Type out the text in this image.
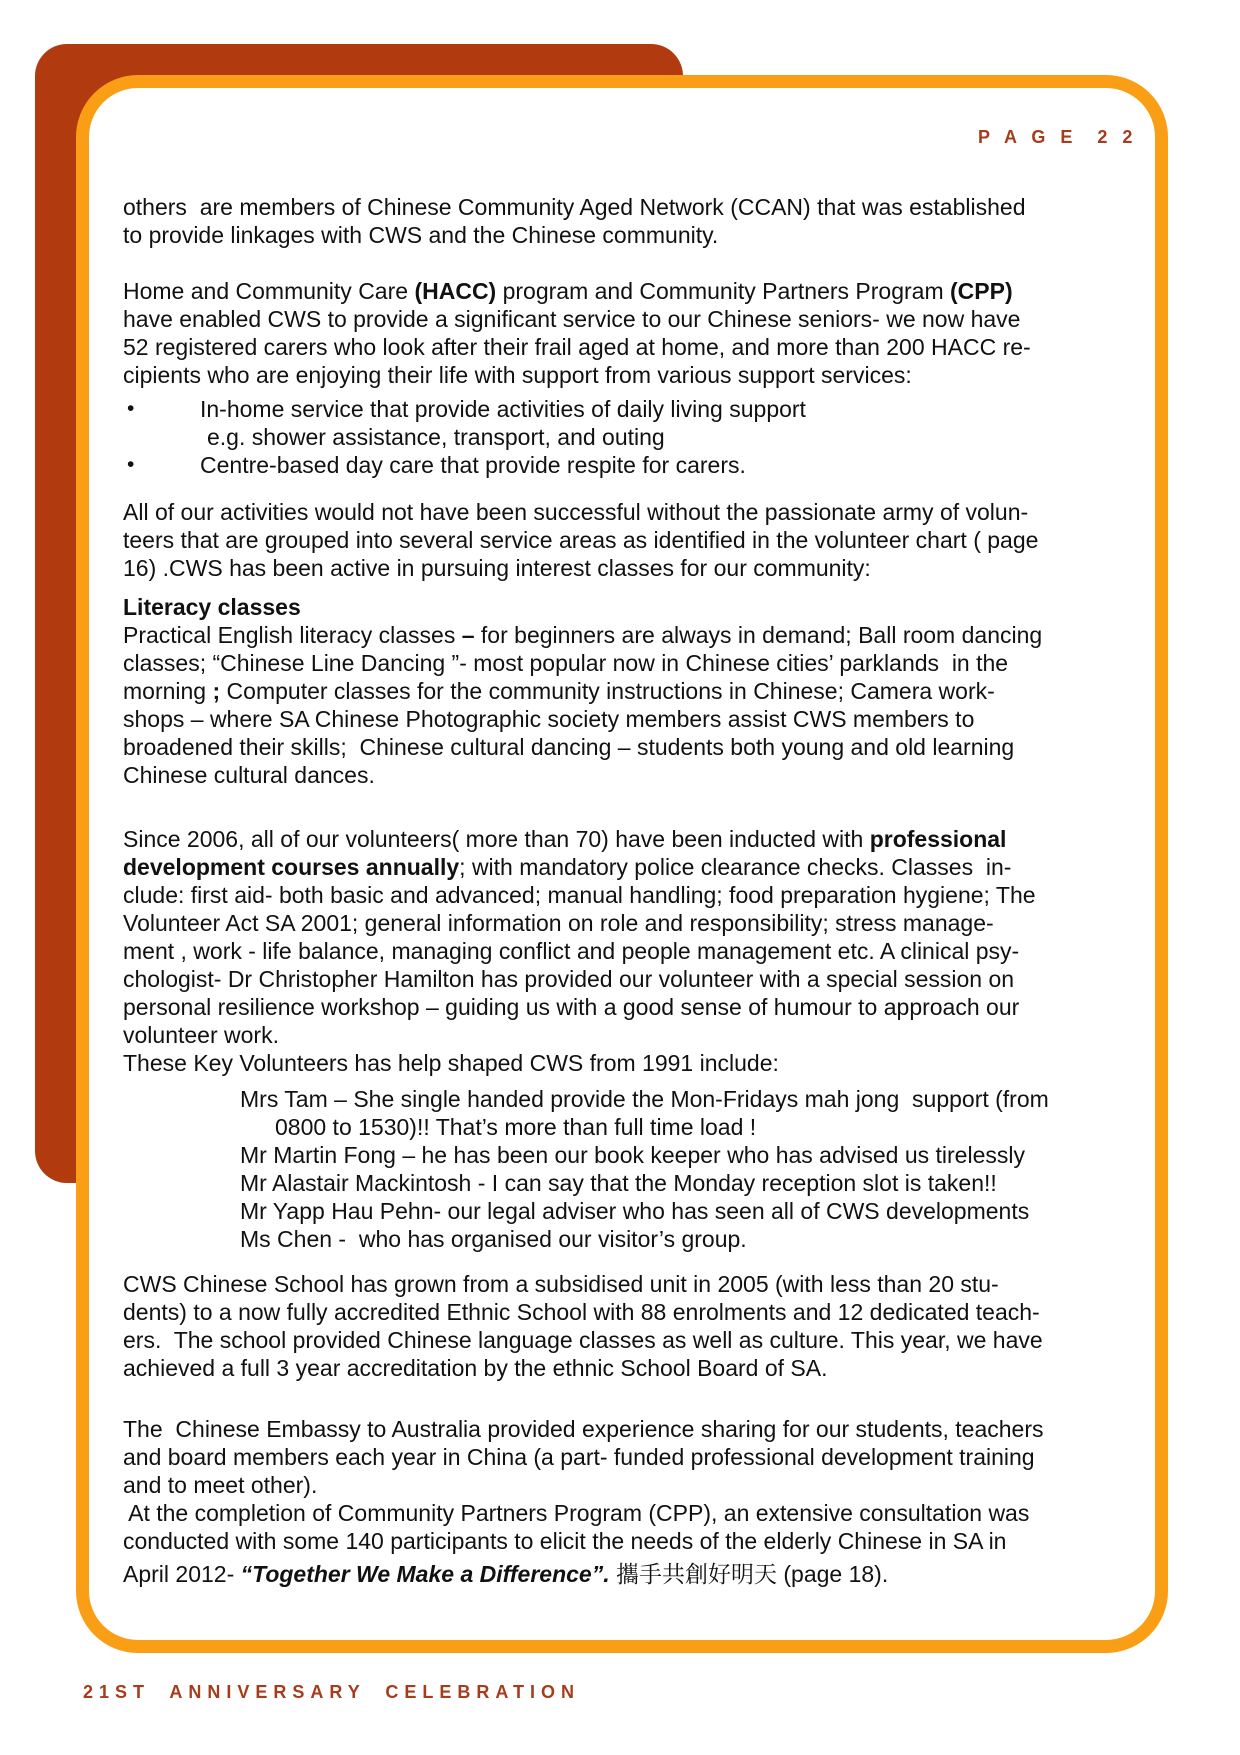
P A G E  2 2
others  are members of Chinese Community Aged Network (CCAN) that was established
to provide linkages with CWS and the Chinese community.
Home and Community Care (HACC) program and Community Partners Program (CPP)
have enabled CWS to provide a significant service to our Chinese seniors- we now have
52 registered carers who look after their frail aged at home, and more than 200 HACC re-
cipients who are enjoying their life with support from various support services:
•	In-home service that provide activities of daily living support
e.g. shower assistance, transport, and outing
•	Centre-based day care that provide respite for carers.
All of our activities would not have been successful without the passionate army of volun-
teers that are grouped into several service areas as identified in the volunteer chart ( page
16) .CWS has been active in pursuing interest classes for our community:
Literacy classes
Practical English literacy classes – for beginners are always in demand; Ball room dancing
classes; “Chinese Line Dancing ”- most popular now in Chinese cities’ parklands  in the
morning ; Computer classes for the community instructions in Chinese; Camera work-
shops – where SA Chinese Photographic society members assist CWS members to
broadened their skills;  Chinese cultural dancing – students both young and old learning
Chinese cultural dances.
Since 2006, all of our volunteers( more than 70) have been inducted with professional
development courses annually; with mandatory police clearance checks. Classes  in-
clude: first aid- both basic and advanced; manual handling; food preparation hygiene; The
Volunteer Act SA 2001; general information on role and responsibility; stress manage-
ment , work - life balance, managing conflict and people management etc. A clinical psy-
chologist- Dr Christopher Hamilton has provided our volunteer with a special session on
personal resilience workshop – guiding us with a good sense of humour to approach our
volunteer work.
These Key Volunteers has help shaped CWS from 1991 include:
Mrs Tam – She single handed provide the Mon-Fridays mah jong  support (from
0800 to 1530)!! That’s more than full time load !
Mr Martin Fong – he has been our book keeper who has advised us tirelessly
Mr Alastair Mackintosh - I can say that the Monday reception slot is taken!!
Mr Yapp Hau Pehn- our legal adviser who has seen all of CWS developments
Ms Chen -  who has organised our visitor’s group.
CWS Chinese School has grown from a subsidised unit in 2005 (with less than 20 stu-
dents) to a now fully accredited Ethnic School with 88 enrolments and 12 dedicated teach-
ers.  The school provided Chinese language classes as well as culture. This year, we have
achieved a full 3 year accreditation by the ethnic School Board of SA.
The  Chinese Embassy to Australia provided experience sharing for our students, teachers
and board members each year in China (a part- funded professional development training
and to meet other).
At the completion of Community Partners Program (CPP), an extensive consultation was
conducted with some 140 participants to elicit the needs of the elderly Chinese in SA in
April 2012- “Together We Make a Difference”. 攜手共創好明天 (page 18).
21ST ANNIVERSARY CELEBRATION
